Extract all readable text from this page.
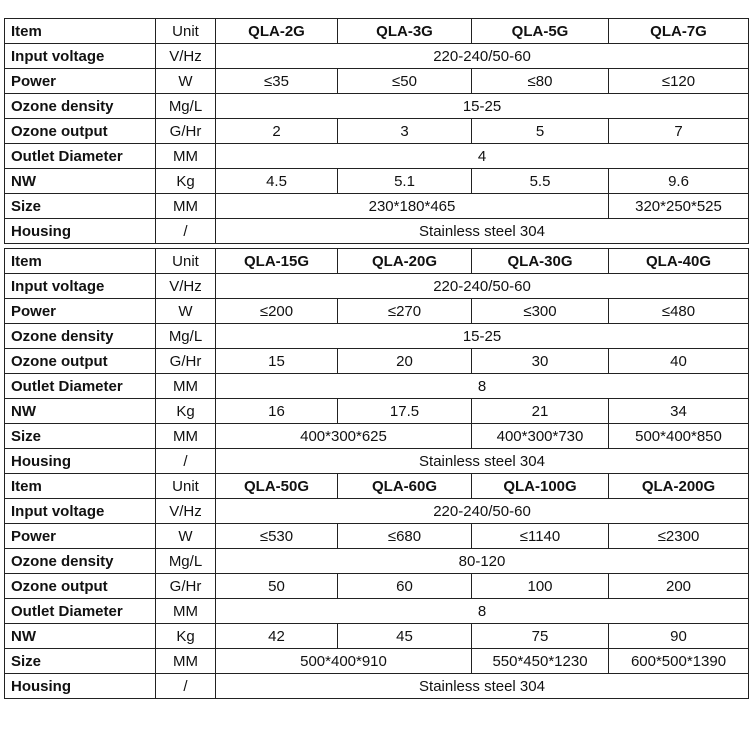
Item	Unit	QLA-2G	QLA-3G	QLA-5G	QLA-7G
Input voltage	V/Hz	220-240/50-60			
Power	W	≤35	≤50	≤80	≤120
Ozone density	Mg/L	15-25			
Ozone output	G/Hr	2	3	5	7
Outlet Diameter	MM	4			
NW	Kg	4.5	5.1	5.5	9.6
Size	MM	230*180*465			320*250*525
Housing	/	Stainless steel 304			
Item	Unit	QLA-15G	QLA-20G	QLA-30G	QLA-40G
Input voltage	V/Hz	220-240/50-60			
Power	W	≤200	≤270	≤300	≤480
Ozone density	Mg/L	15-25			
Ozone output	G/Hr	15	20	30	40
Outlet Diameter	MM	8			
NW	Kg	16	17.5	21	34
Size	MM	400*300*625		400*300*730	500*400*850
Housing	/	Stainless steel 304			
Item	Unit	QLA-50G	QLA-60G	QLA-100G	QLA-200G
Input voltage	V/Hz	220-240/50-60			
Power	W	≤530	≤680	≤1140	≤2300
Ozone density	Mg/L	80-120			
Ozone output	G/Hr	50	60	100	200
Outlet Diameter	MM	8			
NW	Kg	42	45	75	90
Size	MM	500*400*910		550*450*1230	600*500*1390
Housing	/	Stainless steel 304			
